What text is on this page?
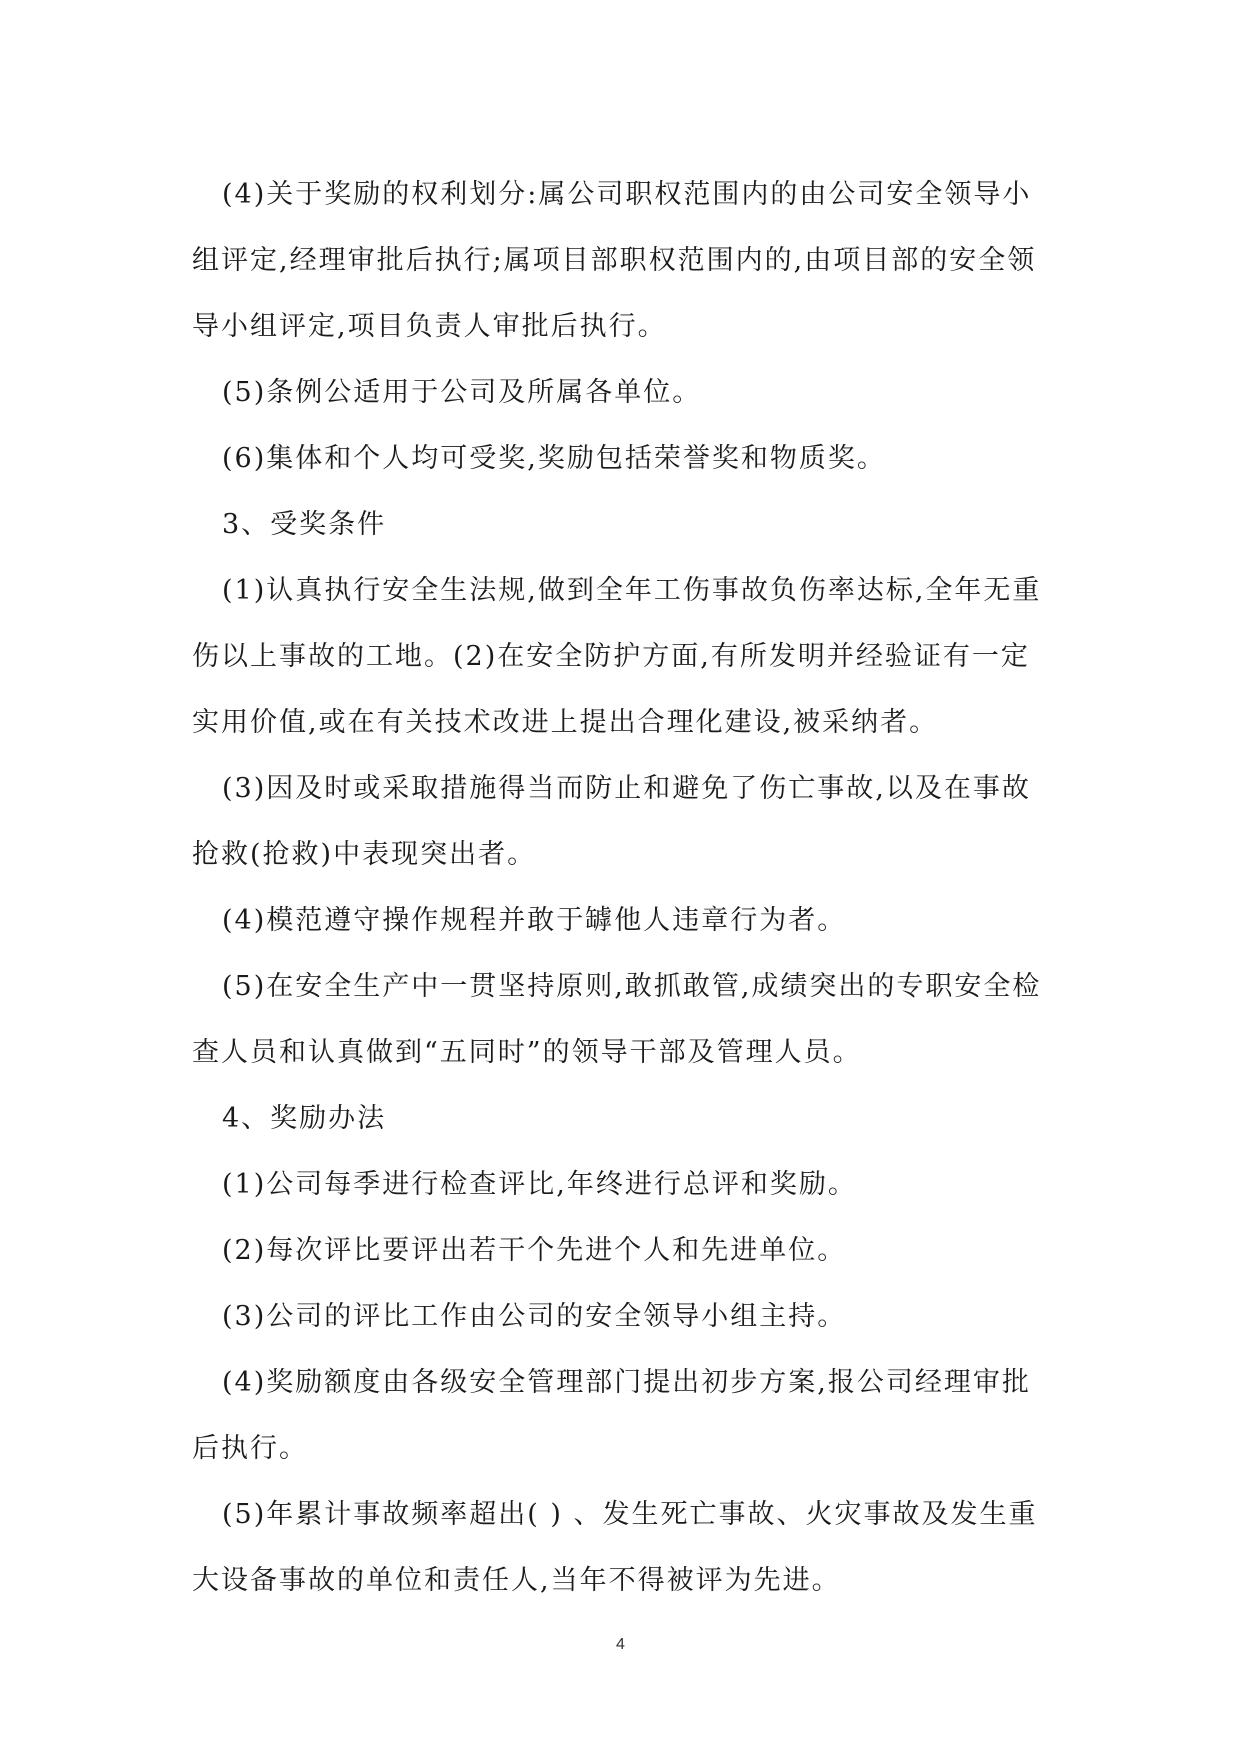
(4)关于奖励的权利划分:属公司职权范围内的由公司安全领导小组评定,经理审批后执行;属项目部职权范围内的,由项目部的安全领导小组评定,项目负责人审批后执行。

(5)条例公适用于公司及所属各单位。

(6)集体和个人均可受奖,奖励包括荣誉奖和物质奖。

3、受奖条件

(1)认真执行安全生法规,做到全年工伤事故负伤率达标,全年无重伤以上事故的工地。(2)在安全防护方面,有所发明并经验证有一定实用价值,或在有关技术改进上提出合理化建设,被采纳者。

(3)因及时或采取措施得当而防止和避免了伤亡事故,以及在事故抢救(抢救)中表现突出者。

(4)模范遵守操作规程并敢于罅他人违章行为者。

(5)在安全生产中一贯坚持原则,敢抓敢管,成绩突出的专职安全检查人员和认真做到“五同时”的领导干部及管理人员。

4、奖励办法

(1)公司每季进行检查评比,年终进行总评和奖励。

(2)每次评比要评出若干个先进个人和先进单位。

(3)公司的评比工作由公司的安全领导小组主持。

(4)奖励额度由各级安全管理部门提出初步方案,报公司经理审批后执行。

(5)年累计事故频率超出( ) 、发生死亡事故、火灾事故及发生重大设备事故的单位和责任人,当年不得被评为先进。

4
